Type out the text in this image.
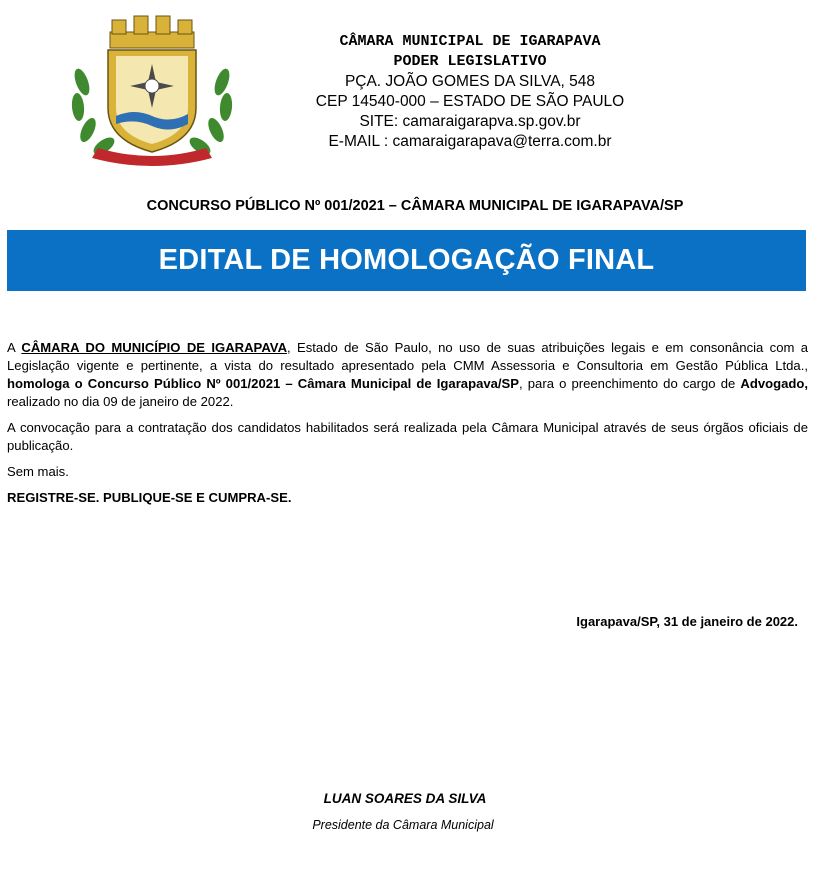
CÂMARA MUNICIPAL DE IGARAPAVA
PODER LEGISLATIVO
PÇA. JOÃO GOMES DA SILVA, 548
CEP 14540-000 – ESTADO DE SÃO PAULO
SITE: camaraigarapva.sp.gov.br
E-MAIL : camaraigarapava@terra.com.br
CONCURSO PÚBLICO Nº 001/2021 – CÂMARA MUNICIPAL DE IGARAPAVA/SP
EDITAL DE HOMOLOGAÇÃO FINAL

A CÂMARA DO MUNICÍPIO DE IGARAPAVA, Estado de São Paulo, no uso de suas atribuições legais e em consonância com a Legislação vigente e pertinente, a vista do resultado apresentado pela CMM Assessoria e Consultoria em Gestão Pública Ltda., homologa o Concurso Público Nº 001/2021 – Câmara Municipal de Igarapava/SP, para o preenchimento do cargo de Advogado, realizado no dia 09 de janeiro de 2022.

A convocação para a contratação dos candidatos habilitados será realizada pela Câmara Municipal através de seus órgãos oficiais de publicação.

Sem mais.

REGISTRE-SE. PUBLIQUE-SE E CUMPRA-SE.

Igarapava/SP, 31 de janeiro de 2022.
LUAN SOARES DA SILVA
Presidente da Câmara Municipal
